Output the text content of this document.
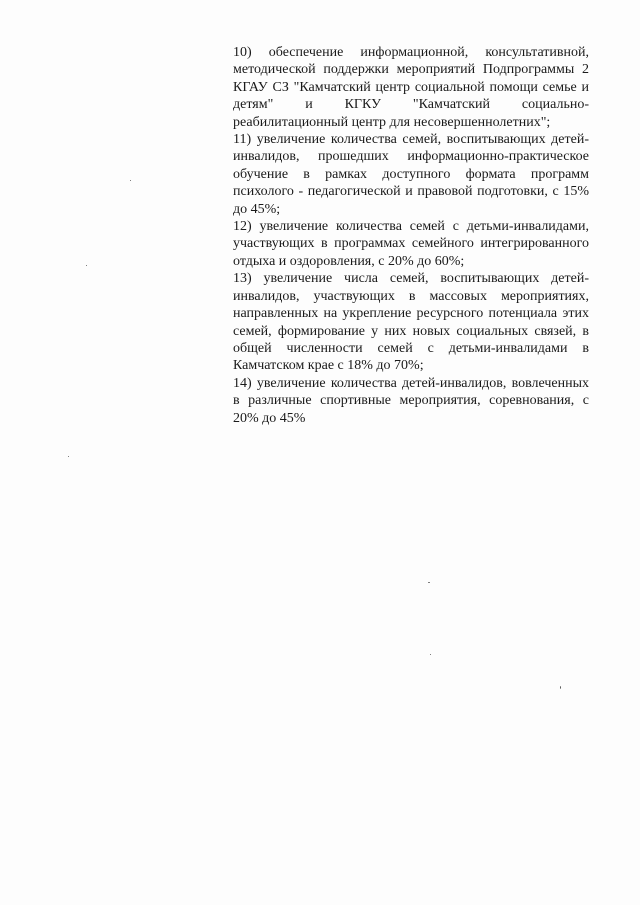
10) обеспечение информационной, консультативной, методической поддержки мероприятий Подпрограммы 2 КГАУ СЗ "Камчатский центр социальной помощи семье и детям" и КГКУ "Камчатский социально-реабилитационный центр для несовершеннолетних";

11) увеличение количества семей, воспитывающих детей-инвалидов, прошедших информационно-практическое обучение в рамках доступного формата программ психолого - педагогической и правовой подготовки, с 15% до 45%;

12) увеличение количества семей с детьми-инвалидами, участвующих в программах семейного интегрированного отдыха и оздоровления, с 20% до 60%;

13) увеличение числа семей, воспитывающих детей-инвалидов, участвующих в массовых мероприятиях, направленных на укрепление ресурсного потенциала этих семей, формирование у них новых социальных связей, в общей численности семей с детьми-инвалидами в Камчатском крае с 18% до 70%;

14) увеличение количества детей-инвалидов, вовлеченных в различные спортивные мероприятия, соревнования, с 20% до 45%
